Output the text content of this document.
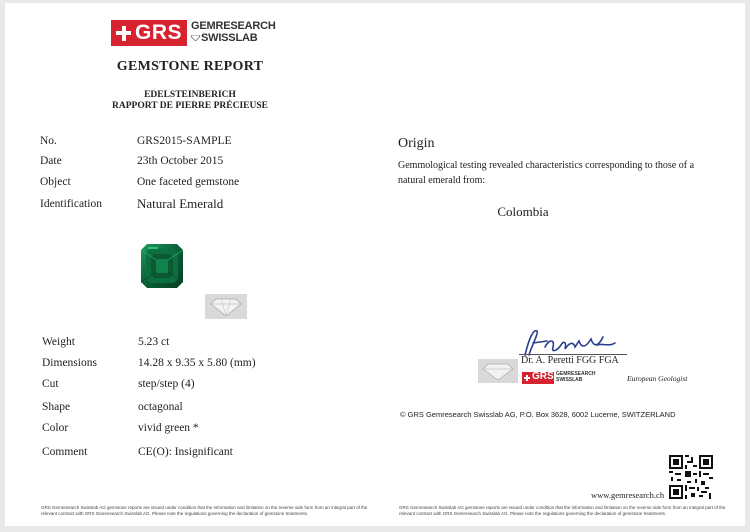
GRS GEMRESEARCH
SWISSLAB
GEMSTONE REPORT
EDELSTEINBERICH
RAPPORT DE PIERRE PRÉCIEUSE
No.	GRS2015-SAMPLE
Date	23th October 2015
Object	One faceted gemstone
Identification	Natural Emerald
Weight	5.23 ct
Dimensions	14.28 x 9.35 x 5.80 (mm)
Cut	step/step (4)
Shape	octagonal
Color	vivid green *
Comment	CE(O): Insignificant
Origin
Gemmological testing revealed characteristics corresponding to those of a natural emerald from:
Colombia
Dr. A. Peretti FGG FGA
GRS GEMRESEARCH
SWISSLAB	European Geologist
© GRS Gemresearch Swisslab AG, P.O. Box 3628, 6002 Lucerne, SWITZERLAND
www.gemresearch.ch
GRS Gemresearch Swisslab AG gemstone reports are issued under condition that the information and limitation on the reverse side form from an integral part of the relevant contract with GRS Gemresearch Swisslab AG. Please note the regulations governing the declaration of gemstone treatments.
GRS Gemresearch Swisslab AG gemstone reports are issued under condition that the information and limitation on the reverse side form from an integral part of the relevant contract with GRS Gemresearch Swisslab AG. Please note the regulations governing the declaration of gemstone treatments.
